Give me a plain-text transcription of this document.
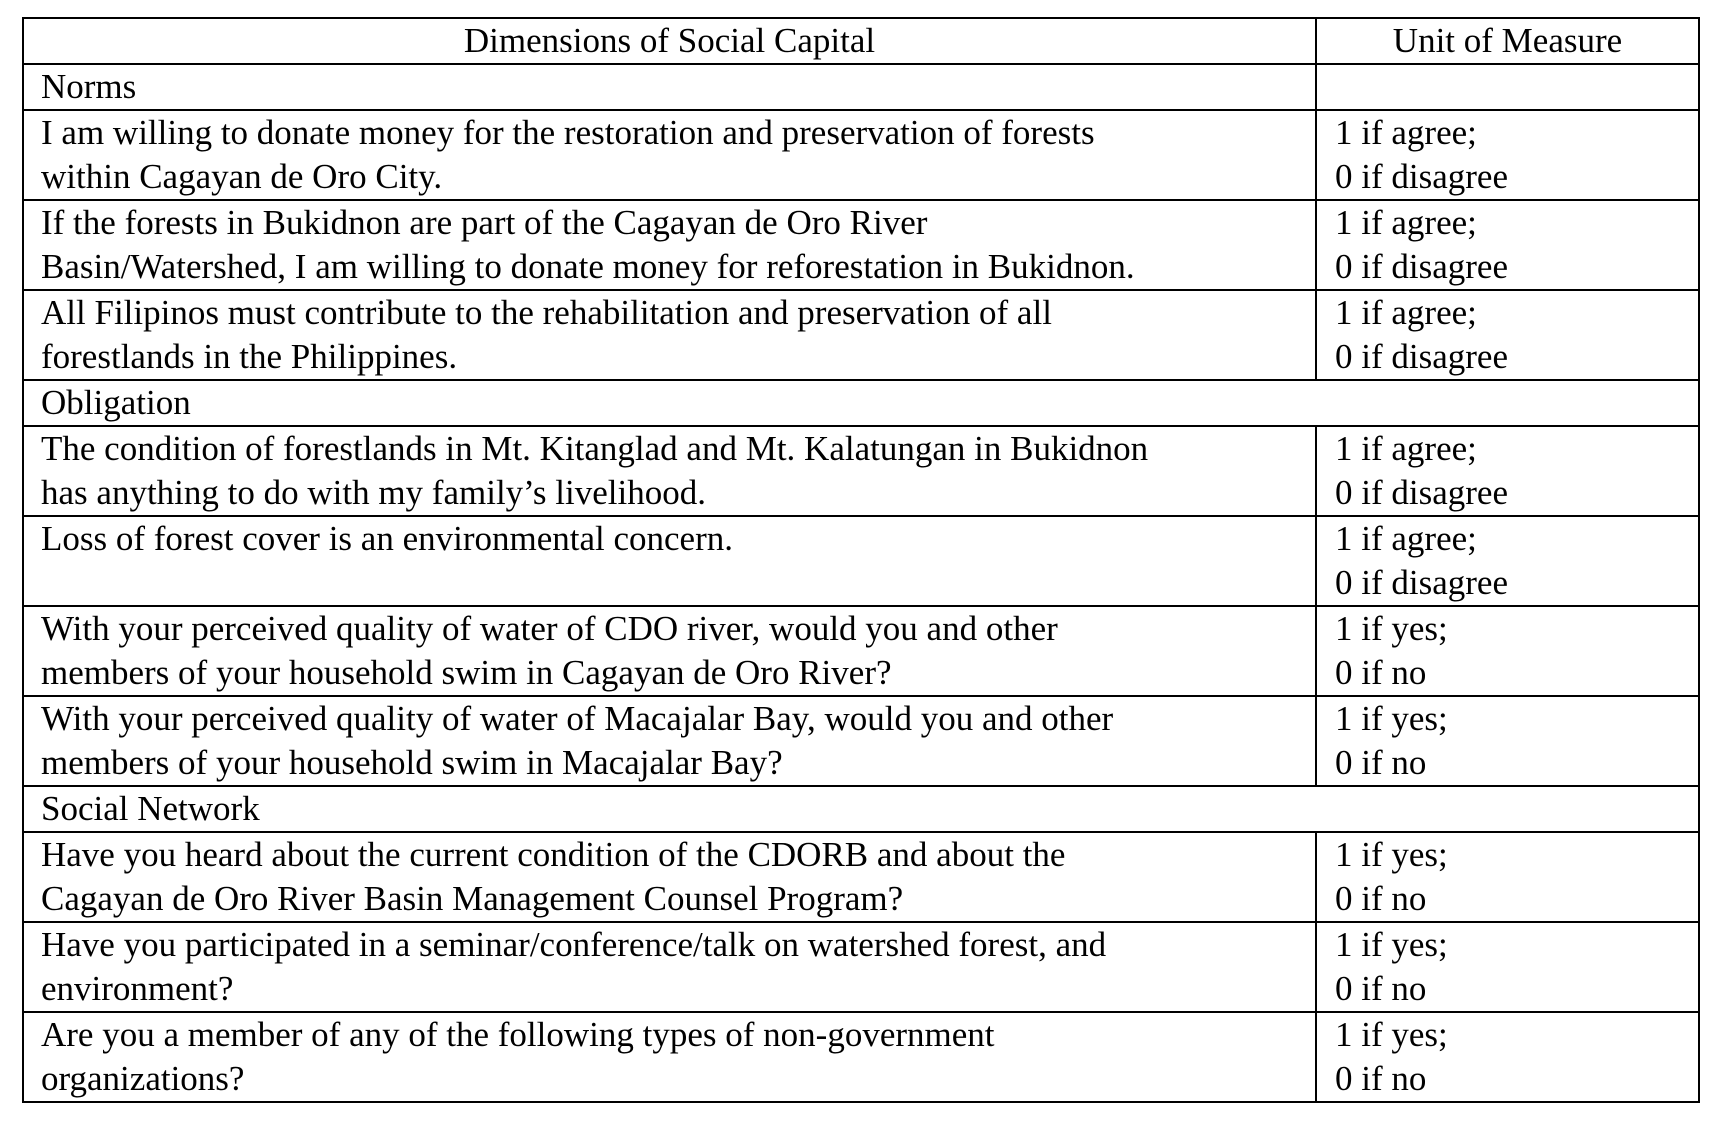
Dimensions of Social Capital	Unit of Measure
Norms	

I am willing to donate money for the restoration and preservation of forests
within Cagayan de Oro City.	1 if agree;
0 if disagree

If the forests in Bukidnon are part of the Cagayan de Oro River
Basin/Watershed, I am willing to donate money for reforestation in Bukidnon.	1 if agree;
0 if disagree

All Filipinos must contribute to the rehabilitation and preservation of all
forestlands in the Philippines.	1 if agree;
0 if disagree

Obligation	

The condition of forestlands in Mt. Kitanglad and Mt. Kalatungan in Bukidnon
has anything to do with my family’s livelihood.	1 if agree;
0 if disagree

Loss of forest cover is an environmental concern.	1 if agree;
0 if disagree

With your perceived quality of water of CDO river, would you and other
members of your household swim in Cagayan de Oro River?	1 if yes;
0 if no

With your perceived quality of water of Macajalar Bay, would you and other
members of your household swim in Macajalar Bay?	1 if yes;
0 if no

Social Network	

Have you heard about the current condition of the CDORB and about the
Cagayan de Oro River Basin Management Counsel Program?	1 if yes;
0 if no

Have you participated in a seminar/conference/talk on watershed forest, and
environment?	1 if yes;
0 if no

Are you a member of any of the following types of non-government
organizations?	1 if yes;
0 if no
